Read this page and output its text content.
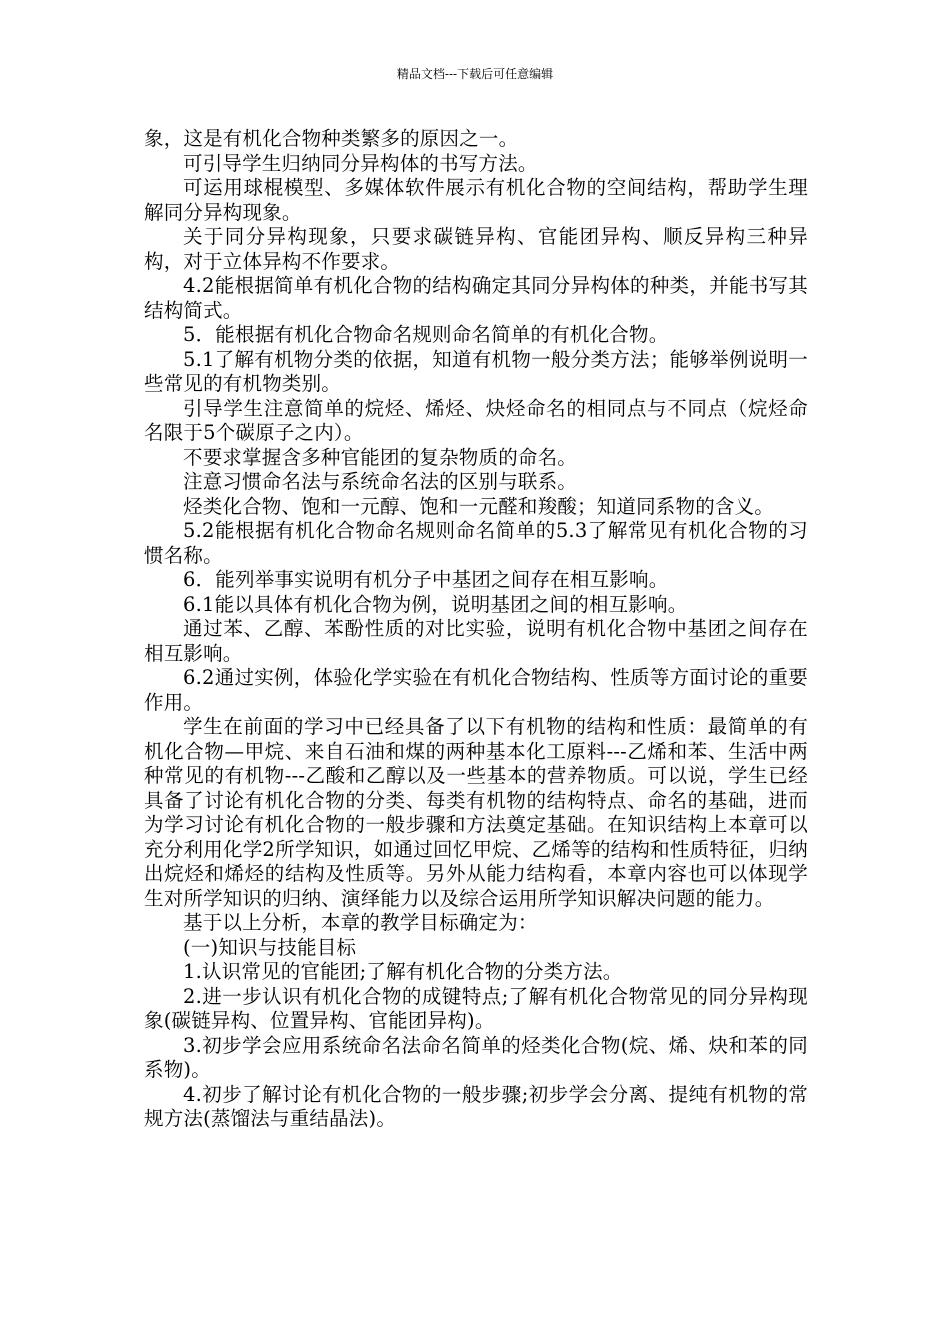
精品文档---下载后可任意编辑

象，这是有机化合物种类繁多的原因之一。

可引导学生归纳同分异构体的书写方法。

可运用球棍模型、多媒体软件展示有机化合物的空间结构，帮助学生理解同分异构现象。

关于同分异构现象，只要求碳链异构、官能团异构、顺反异构三种异构，对于立体异构不作要求。

4.2能根据简单有机化合物的结构确定其同分异构体的种类，并能书写其结构简式。

5．能根据有机化合物命名规则命名简单的有机化合物。

5.1了解有机物分类的依据，知道有机物一般分类方法；能够举例说明一些常见的有机物类别。

引导学生注意简单的烷烃、烯烃、炔烃命名的相同点与不同点（烷烃命名限于5个碳原子之内）。

不要求掌握含多种官能团的复杂物质的命名。

注意习惯命名法与系统命名法的区别与联系。

烃类化合物、饱和一元醇、饱和一元醛和羧酸；知道同系物的含义。

5.2能根据有机化合物命名规则命名简单的5.3了解常见有机化合物的习惯名称。

6．能列举事实说明有机分子中基团之间存在相互影响。

6.1能以具体有机化合物为例，说明基团之间的相互影响。

通过苯、乙醇、苯酚性质的对比实验，说明有机化合物中基团之间存在相互影响。

6.2通过实例，体验化学实验在有机化合物结构、性质等方面讨论的重要作用。

学生在前面的学习中已经具备了以下有机物的结构和性质：最简单的有机化合物—甲烷、来自石油和煤的两种基本化工原料---乙烯和苯、生活中两种常见的有机物---乙酸和乙醇以及一些基本的营养物质。可以说，学生已经具备了讨论有机化合物的分类、每类有机物的结构特点、命名的基础，进而为学习讨论有机化合物的一般步骤和方法奠定基础。在知识结构上本章可以充分利用化学2所学知识，如通过回忆甲烷、乙烯等的结构和性质特征，归纳出烷烃和烯烃的结构及性质等。另外从能力结构看，本章内容也可以体现学生对所学知识的归纳、演绎能力以及综合运用所学知识解决问题的能力。

基于以上分析，本章的教学目标确定为：

(一)知识与技能目标

1.认识常见的官能团;了解有机化合物的分类方法。

2.进一步认识有机化合物的成键特点;了解有机化合物常见的同分异构现象(碳链异构、位置异构、官能团异构)。

3.初步学会应用系统命名法命名简单的烃类化合物(烷、烯、炔和苯的同系物)。

4.初步了解讨论有机化合物的一般步骤;初步学会分离、提纯有机物的常规方法(蒸馏法与重结晶法)。
